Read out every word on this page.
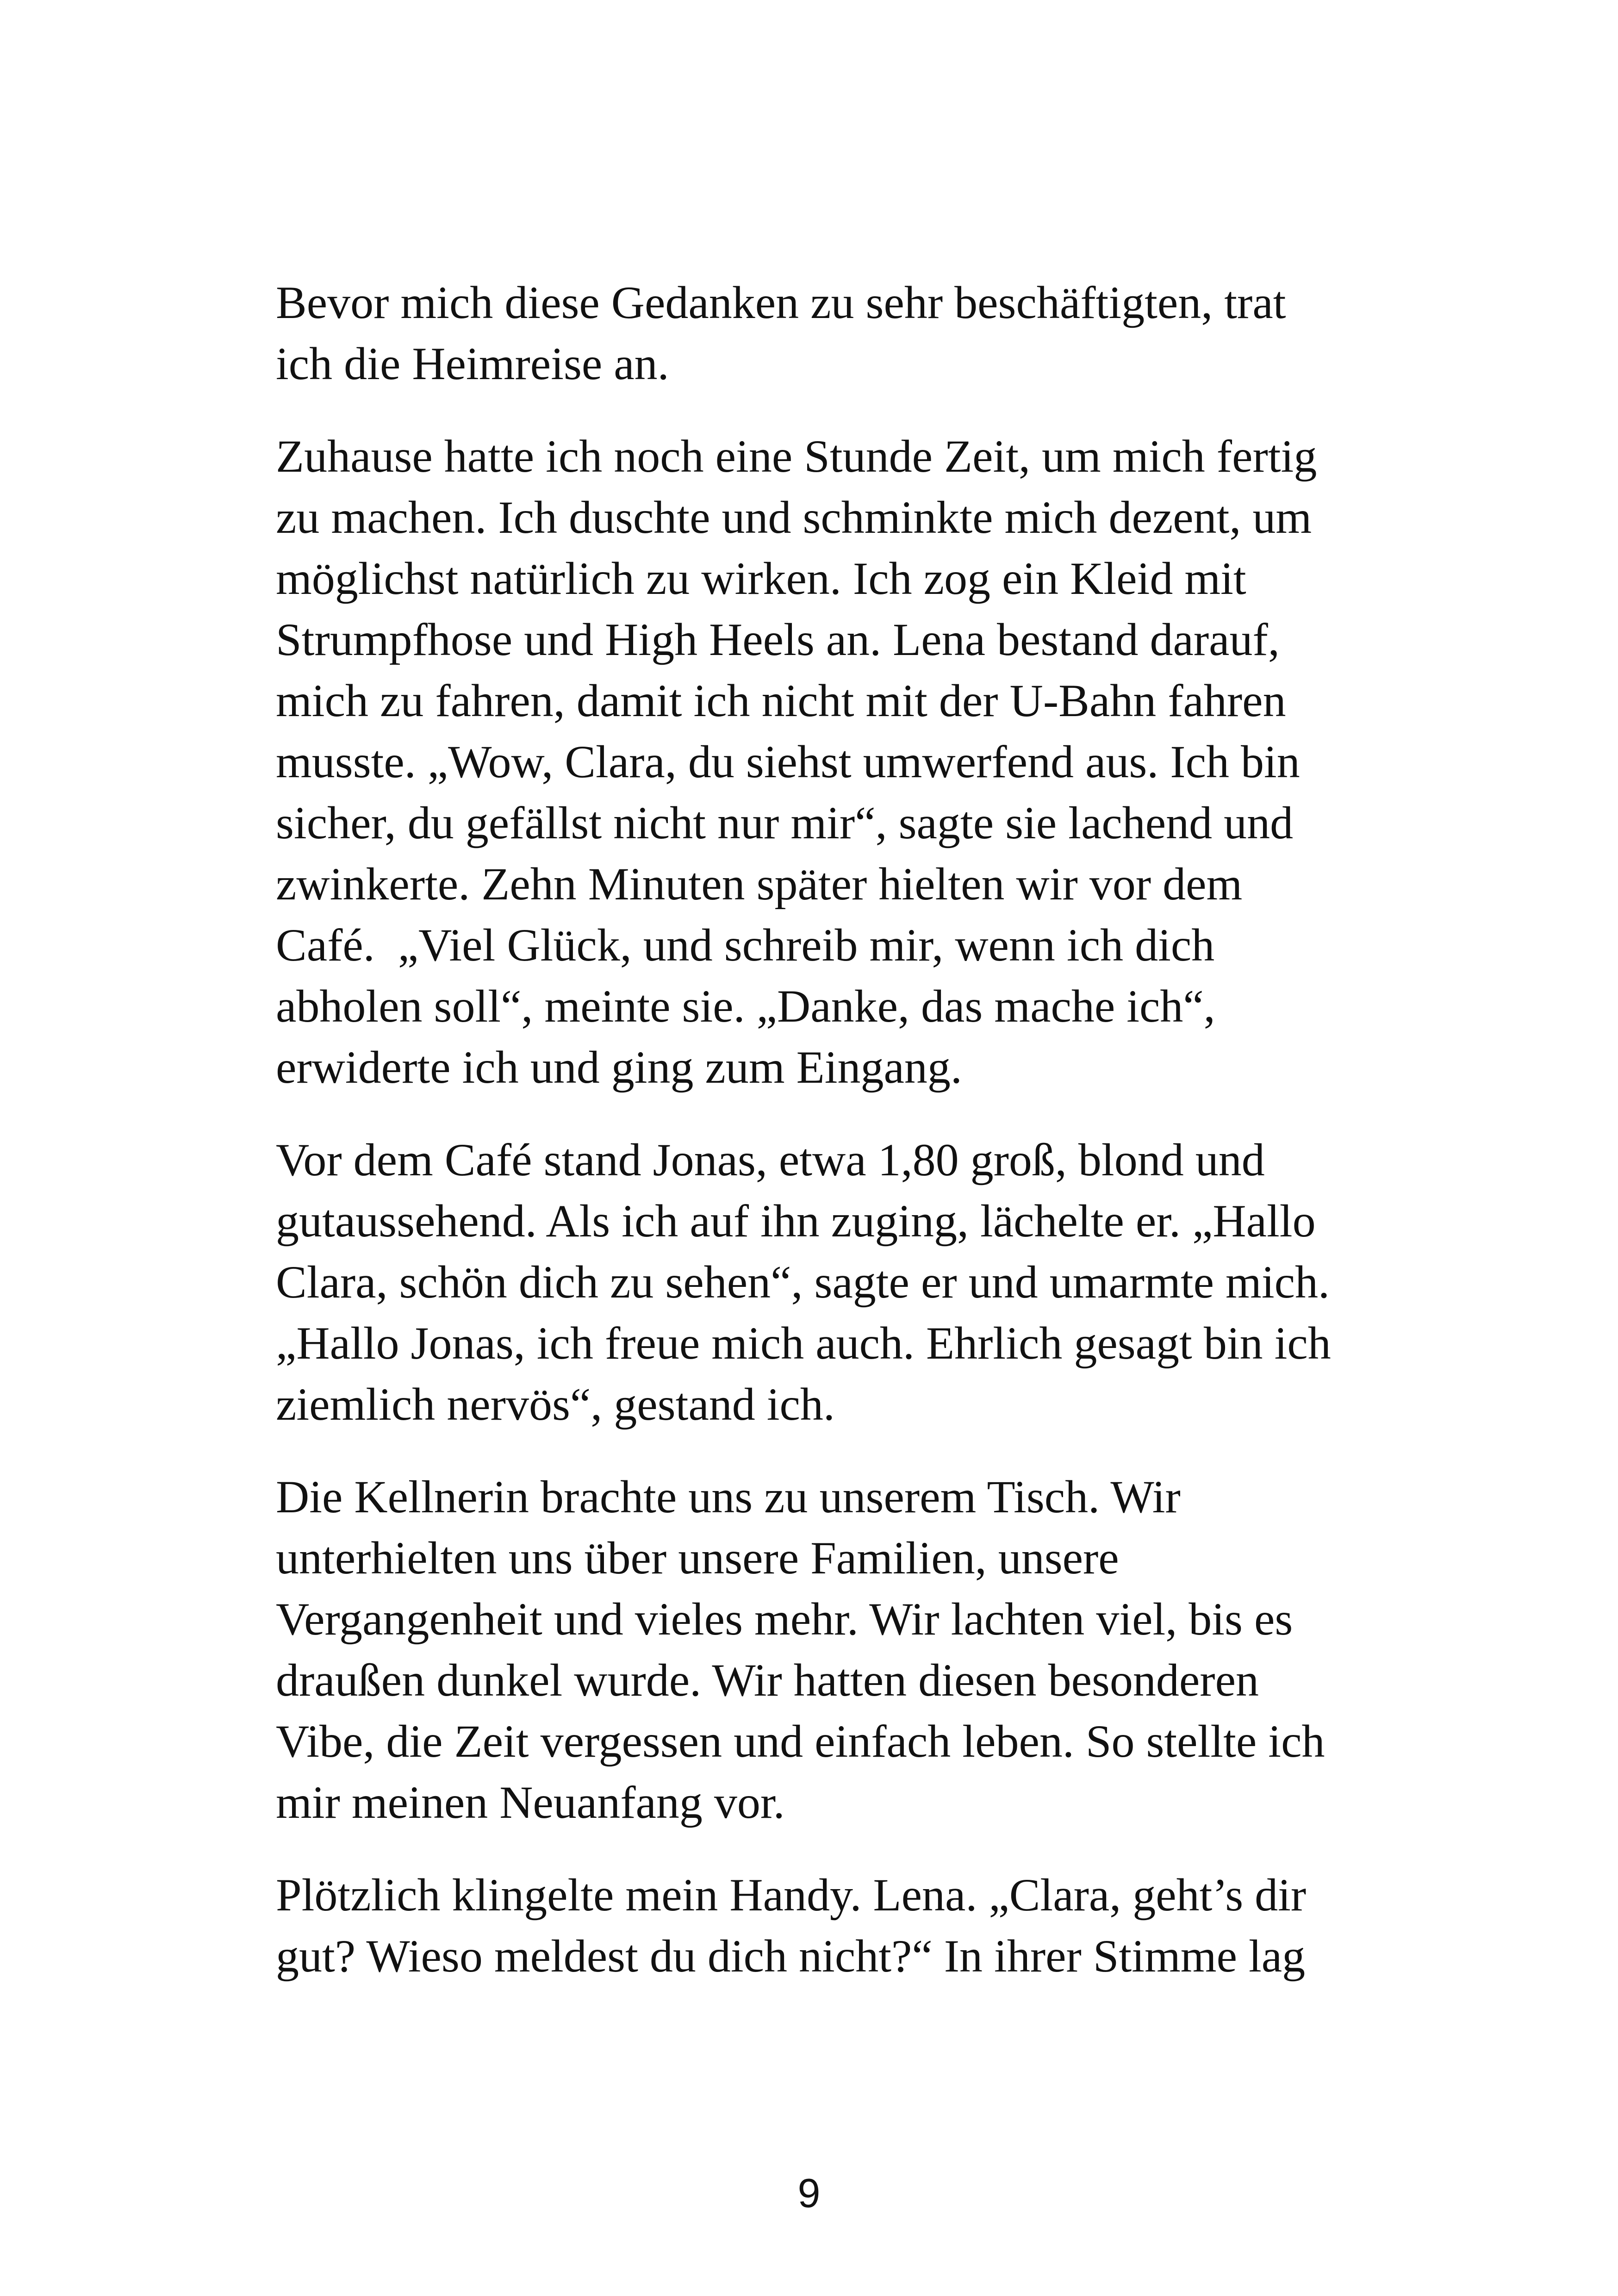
Bevor mich diese Gedanken zu sehr beschäftigten, trat
ich die Heimreise an.

Zuhause hatte ich noch eine Stunde Zeit, um mich fertig
zu machen. Ich duschte und schminkte mich dezent, um
möglichst natürlich zu wirken. Ich zog ein Kleid mit
Strumpfhose und High Heels an. Lena bestand darauf,
mich zu fahren, damit ich nicht mit der U-Bahn fahren
musste. „Wow, Clara, du siehst umwerfend aus. Ich bin
sicher, du gefällst nicht nur mir“, sagte sie lachend und
zwinkerte. Zehn Minuten später hielten wir vor dem
Café.  „Viel Glück, und schreib mir, wenn ich dich
abholen soll“, meinte sie. „Danke, das mache ich“,
erwiderte ich und ging zum Eingang.

Vor dem Café stand Jonas, etwa 1,80 groß, blond und
gutaussehend. Als ich auf ihn zuging, lächelte er. „Hallo
Clara, schön dich zu sehen“, sagte er und umarmte mich.
„Hallo Jonas, ich freue mich auch. Ehrlich gesagt bin ich
ziemlich nervös“, gestand ich.

Die Kellnerin brachte uns zu unserem Tisch. Wir
unterhielten uns über unsere Familien, unsere
Vergangenheit und vieles mehr. Wir lachten viel, bis es
draußen dunkel wurde. Wir hatten diesen besonderen
Vibe, die Zeit vergessen und einfach leben. So stellte ich
mir meinen Neuanfang vor.

Plötzlich klingelte mein Handy. Lena. „Clara, geht’s dir
gut? Wieso meldest du dich nicht?“ In ihrer Stimme lag

9
